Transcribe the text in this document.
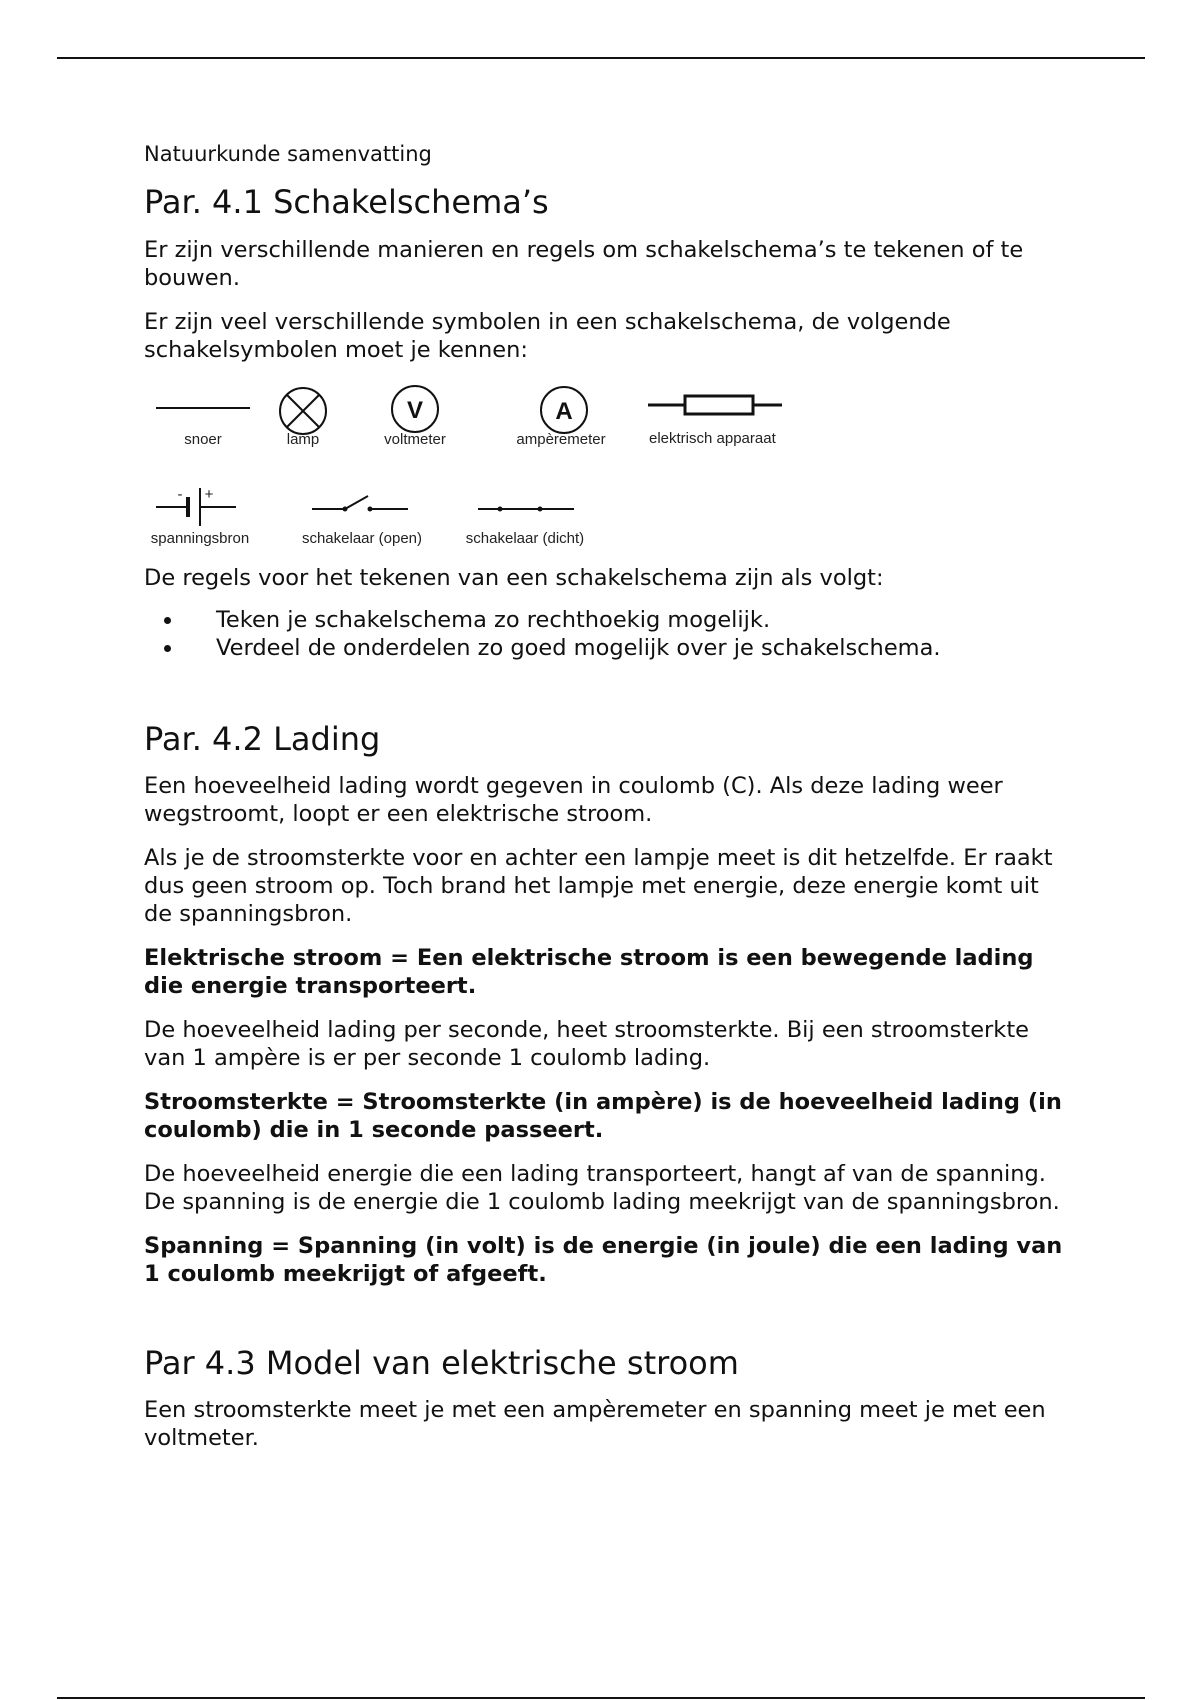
Natuurkunde samenvatting
Par. 4.1 Schakelschema’s

Er zijn verschillende manieren en regels om schakelschema’s te tekenen of te bouwen.

Er zijn veel verschillende symbolen in een schakelschema, de volgende schakelsymbolen moet je kennen:

snoer	lamp
V
voltmeter
A
ampèremeter	elektrisch apparaat
- +
spanningsbron	schakelaar (open)	schakelaar (dicht)

De regels voor het tekenen van een schakelschema zijn als volgt:

• Teken je schakelschema zo rechthoekig mogelijk.
• Verdeel de onderdelen zo goed mogelijk over je schakelschema.
Par. 4.2 Lading

Een hoeveelheid lading wordt gegeven in coulomb (C). Als deze lading weer wegstroomt, loopt er een elektrische stroom.

Als je de stroomsterkte voor en achter een lampje meet is dit hetzelfde. Er raakt dus geen stroom op. Toch brand het lampje met energie, deze energie komt uit de spanningsbron.

Elektrische stroom = Een elektrische stroom is een bewegende lading die energie transporteert.

De hoeveelheid lading per seconde, heet stroomsterkte. Bij een stroomsterkte van 1 ampère is er per seconde 1 coulomb lading.

Stroomsterkte = Stroomsterkte (in ampère) is de hoeveelheid lading (in coulomb) die in 1 seconde passeert.

De hoeveelheid energie die een lading transporteert, hangt af van de spanning. De spanning is de energie die 1 coulomb lading meekrijgt van de spanningsbron.

Spanning = Spanning (in volt) is de energie (in joule) die een lading van 1 coulomb meekrijgt of afgeeft.

Par 4.3 Model van elektrische stroom

Een stroomsterkte meet je met een ampèremeter en spanning meet je met een voltmeter.
